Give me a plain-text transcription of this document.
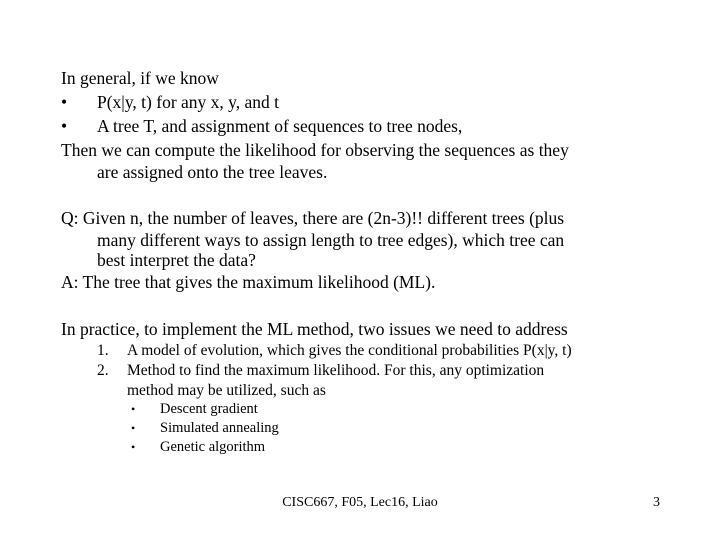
In general, if we know
• P(x|y, t) for any x, y, and t
• A tree T, and assignment of sequences to tree nodes,
Then we can compute the likelihood for observing the sequences as they
are assigned onto the tree leaves.
Q: Given n, the number of leaves, there are (2n-3)!! different trees (plus
many different ways to assign length to tree edges), which tree can
best interpret the data?
A: The tree that gives the maximum likelihood (ML).
In practice, to implement the ML method, two issues we need to address
1. A model of evolution, which gives the conditional probabilities P(x|y, t)
2. Method to find the maximum likelihood. For this, any optimization
method may be utilized, such as
• Descent gradient
• Simulated annealing
• Genetic algorithm
CISC667, F05, Lec16, Liao	3
